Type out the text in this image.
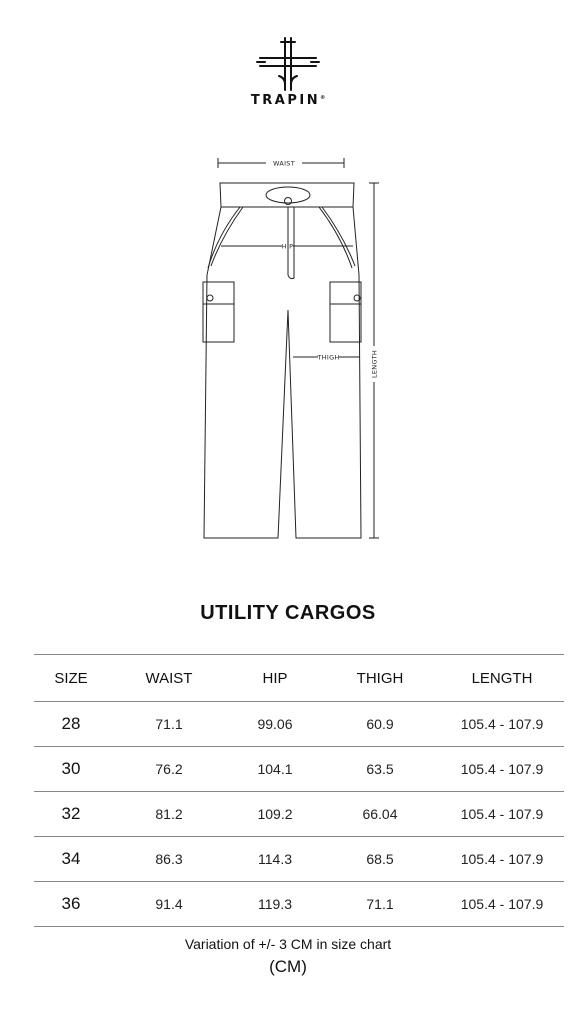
TRAPIN®
WAIST
HIP
THIGH	LENGTH
UTILITY CARGOS
SIZE	WAIST	HIP	THIGH	LENGTH
28	71.1	99.06	60.9	105.4 - 107.9
30	76.2	104.1	63.5	105.4 - 107.9
32	81.2	109.2	66.04	105.4 - 107.9
34	86.3	114.3	68.5	105.4 - 107.9
36	91.4	119.3	71.1	105.4 - 107.9
Variation of +/- 3 CM in size chart
(CM)
